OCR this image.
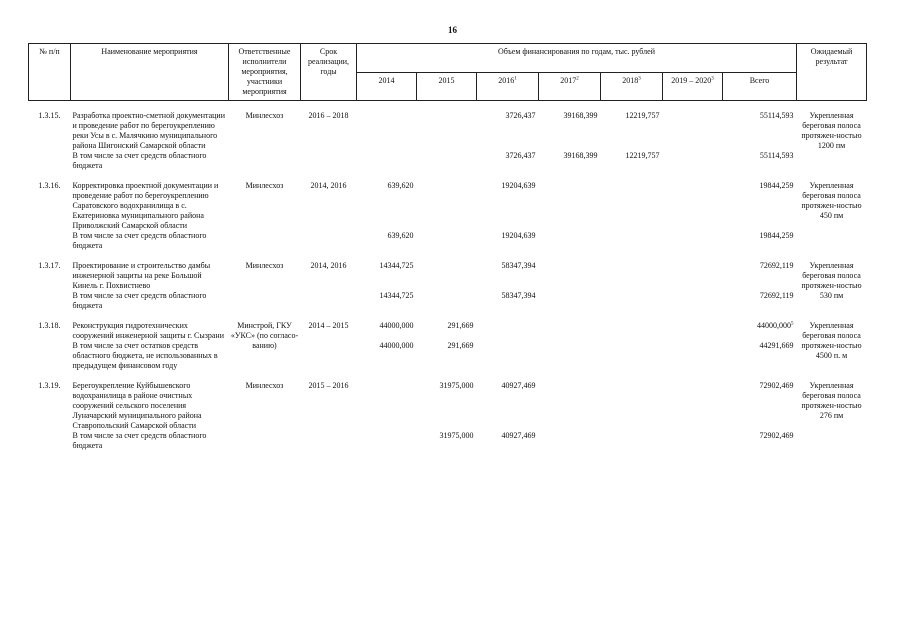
16
№ п/п	Наименование мероприятия	Ответственные исполнители мероприятия, участники мероприятия	Срок реализации, годы	Объем финансирования по годам, тыс. рублей							Ожидаемый результат
				2014	2015	2016$^1$	2017$^2$	2018$^3$	2019 – 2020$^3$	Всего	

1.3.15.	Разработка проектно-сметной документации и проведение работ по берегоукреплению реки Усы в с. Малячкино муниципального района Шигонский Самарской области	Минлесхоз	2016 – 2018			3726,437	39168,399	12219,757		55114,593	Укрепленная береговая полоса протяжен-ностью 1200 пм
	В том числе за счет средств областного бюджета					3726,437	39168,399	12219,757		55114,593	

1.3.16.	Корректировка проектной документации и проведение работ по берегоукреплению Саратовского водохранилища в с. Екатериновка муниципального района Приволжский Самарской области	Минлесхоз	2014, 2016	639,620		19204,639				19844,259	Укрепленная береговая полоса протяжен-ностью 450 пм
	В том числе за счет средств областного бюджета			639,620		19204,639				19844,259	

1.3.17.	Проектирование и строительство дамбы инженерной защиты на реке Большой Кинель г. Похвистнево	Минлесхоз	2014, 2016	14344,725		58347,394				72692,119	Укрепленная береговая полоса протяжен-ностью 530 пм
	В том числе за счет средств областного бюджета			14344,725		58347,394				72692,119	

1.3.18.	Реконструкция гидротехнических сооружений инженерной защиты г. Сызрани	Минстрой, ГКУ «УКС» (по согласо-ванию)	2014 – 2015	44000,000	291,669					44000,000$^5$	Укрепленная береговая полоса протяжен-ностью 4500 п. м
	В том числе за счет остатков средств областного бюджета, не использованных в предыдущем финансовом году			44000,000	291,669					44291,669	

1.3.19.	Берегоукрепление Куйбышевского водохранилища в районе очистных сооружений сельского поселения Луначарский муниципального района Ставропольский Самарской области	Минлесхоз	2015 – 2016		31975,000	40927,469				72902,469	Укрепленная береговая полоса протяжен-ностью 276 пм
	В том числе за счет средств областного бюджета				31975,000	40927,469				72902,469	
